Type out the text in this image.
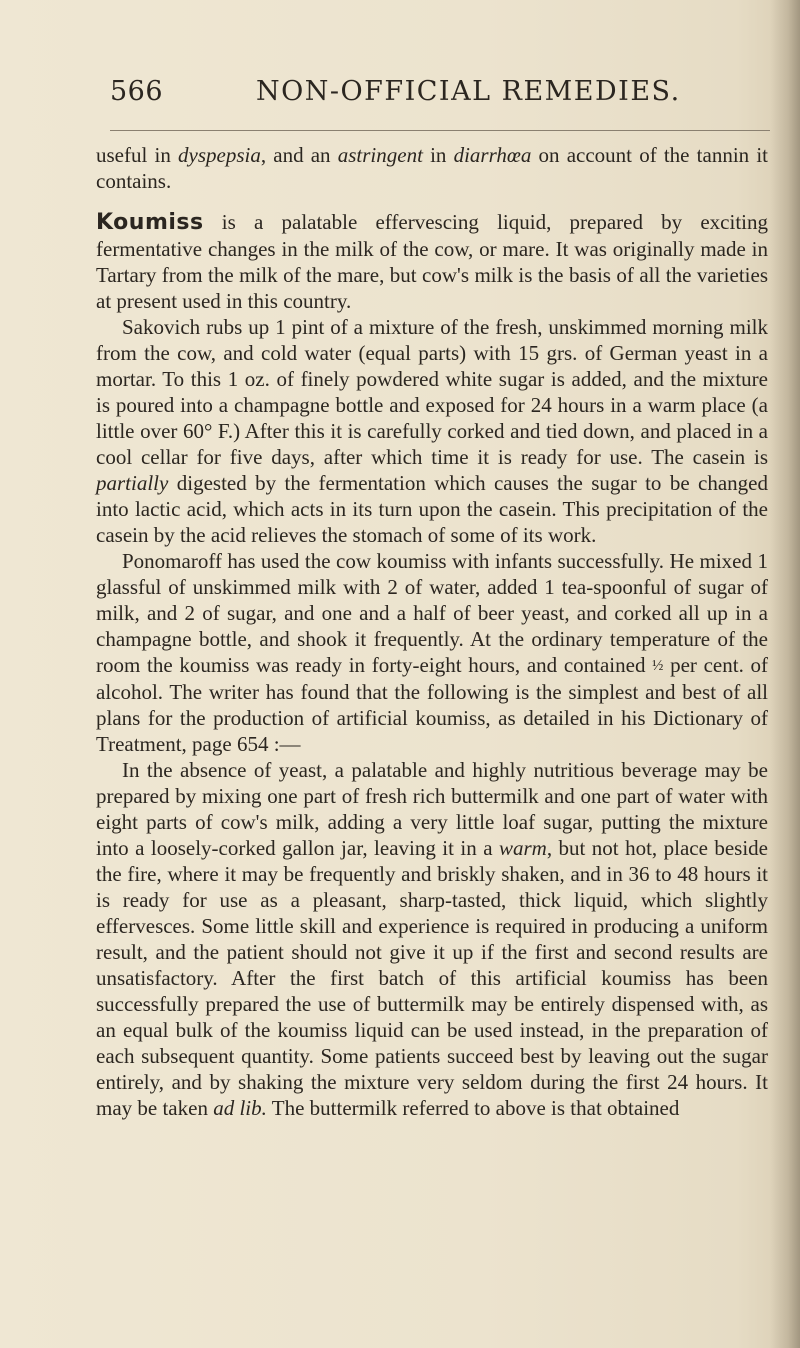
566	NON-OFFICIAL REMEDIES.

useful in dyspepsia, and an astringent in diarrhœa on account of the tannin it contains.

Koumiss is a palatable effervescing liquid, prepared by exciting fermentative changes in the milk of the cow, or mare. It was originally made in Tartary from the milk of the mare, but cow's milk is the basis of all the varieties at present used in this country.

Sakovich rubs up 1 pint of a mixture of the fresh, unskimmed morning milk from the cow, and cold water (equal parts) with 15 grs. of German yeast in a mortar. To this 1 oz. of finely powdered white sugar is added, and the mixture is poured into a champagne bottle and exposed for 24 hours in a warm place (a little over 60° F.) After this it is carefully corked and tied down, and placed in a cool cellar for five days, after which time it is ready for use. The casein is partially digested by the fermentation which causes the sugar to be changed into lactic acid, which acts in its turn upon the casein. This precipitation of the casein by the acid relieves the stomach of some of its work.

Ponomaroff has used the cow koumiss with infants successfully. He mixed 1 glassful of unskimmed milk with 2 of water, added 1 tea-spoonful of sugar of milk, and 2 of sugar, and one and a half of beer yeast, and corked all up in a champagne bottle, and shook it frequently. At the ordinary temperature of the room the koumiss was ready in forty-eight hours, and contained ½ per cent. of alcohol. The writer has found that the following is the simplest and best of all plans for the production of artificial koumiss, as detailed in his Dictionary of Treatment, page 654 :—

In the absence of yeast, a palatable and highly nutritious beverage may be prepared by mixing one part of fresh rich buttermilk and one part of water with eight parts of cow's milk, adding a very little loaf sugar, putting the mixture into a loosely-corked gallon jar, leaving it in a warm, but not hot, place beside the fire, where it may be frequently and briskly shaken, and in 36 to 48 hours it is ready for use as a pleasant, sharp-tasted, thick liquid, which slightly effervesces. Some little skill and experience is required in producing a uniform result, and the patient should not give it up if the first and second results are unsatisfactory. After the first batch of this artificial koumiss has been successfully prepared the use of buttermilk may be entirely dispensed with, as an equal bulk of the koumiss liquid can be used instead, in the preparation of each subsequent quantity. Some patients succeed best by leaving out the sugar entirely, and by shaking the mixture very seldom during the first 24 hours. It may be taken ad lib. The buttermilk referred to above is that obtained
